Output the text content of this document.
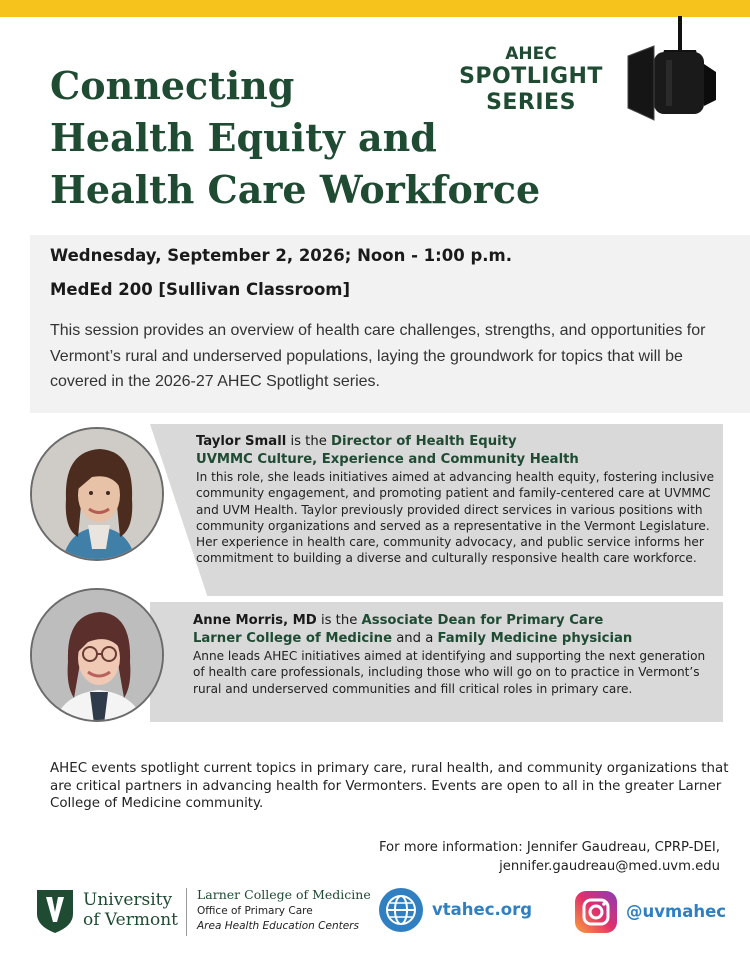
Connecting
Health Equity and
Health Care Workforce
AHEC
SPOTLIGHT
SERIES
Wednesday, September 2, 2026; Noon - 1:00 p.m.
MedEd 200 [Sullivan Classroom]

This session provides an overview of health care challenges, strengths, and opportunities for Vermont’s rural and underserved populations, laying the groundwork for topics that will be covered in the 2026-27 AHEC Spotlight series.

Taylor Small is the Director of Health Equity
UVMMC Culture, Experience and Community Health

In this role, she leads initiatives aimed at advancing health equity, fostering inclusive community engagement, and promoting patient and family-centered care at UVMMC and UVM Health. Taylor previously provided direct services in various positions with community organizations and served as a representative in the Vermont Legislature. Her experience in health care, community advocacy, and public service informs her commitment to building a diverse and culturally responsive health care workforce.

Anne Morris, MD is the Associate Dean for Primary Care
Larner College of Medicine and a Family Medicine physician

Anne leads AHEC initiatives aimed at identifying and supporting the next generation of health care professionals, including those who will go on to practice in Vermont’s rural and underserved communities and fill critical roles in primary care.

AHEC events spotlight current topics in primary care, rural health, and community organizations that are critical partners in advancing health for Vermonters. Events are open to all in the greater Larner College of Medicine community.

For more information: Jennifer Gaudreau, CPRP-DEI,
jennifer.gaudreau@med.uvm.edu
University
of Vermont
Larner College of Medicine
Office of Primary Care
Area Health Education Centers
vtahec.org	@uvmahec
